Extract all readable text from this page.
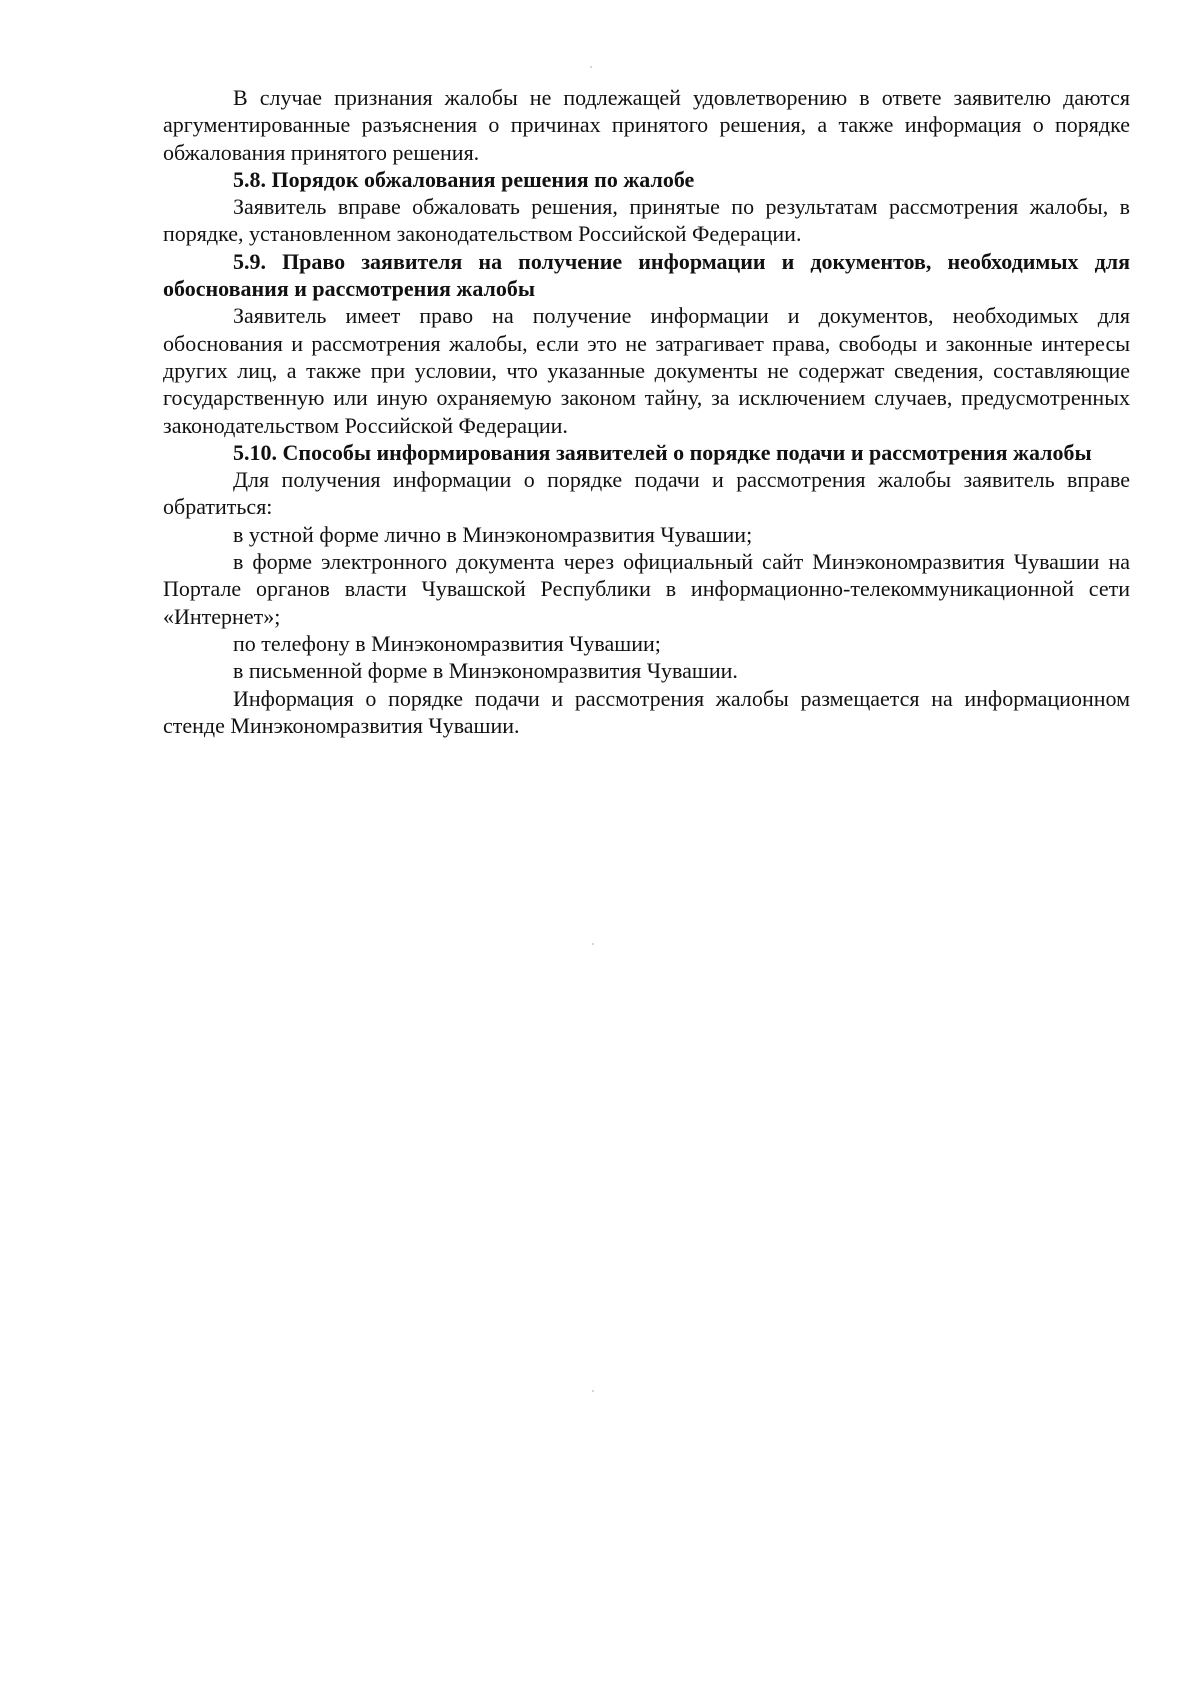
В случае признания жалобы не подлежащей удовлетворению в ответе заявителю даются аргументированные разъяснения о причинах принятого решения, а также информация о порядке обжалования принятого решения.

5.8. Порядок обжалования решения по жалобе

Заявитель вправе обжаловать решения, принятые по результатам рассмотрения жалобы, в порядке, установленном законодательством Российской Федерации.

5.9. Право заявителя на получение информации и документов, необходимых для обоснования и рассмотрения жалобы

Заявитель имеет право на получение информации и документов, необходимых для обоснования и рассмотрения жалобы, если это не затрагивает права, свободы и законные интересы других лиц, а также при условии, что указанные документы не содержат сведения, составляющие государственную или иную охраняемую законом тайну, за исключением случаев, предусмотренных законодательством Российской Федерации.

5.10. Способы информирования заявителей о порядке подачи и рассмотрения жалобы

Для получения информации о порядке подачи и рассмотрения жалобы заявитель вправе обратиться:

в устной форме лично в Минэкономразвития Чувашии;

в форме электронного документа через официальный сайт Минэкономразвития Чувашии на Портале органов власти Чувашской Республики в информационно-телекоммуникационной сети «Интернет»;

по телефону в Минэкономразвития Чувашии;

в письменной форме в Минэкономразвития Чувашии.

Информация о порядке подачи и рассмотрения жалобы размещается на информационном стенде Минэкономразвития Чувашии.
